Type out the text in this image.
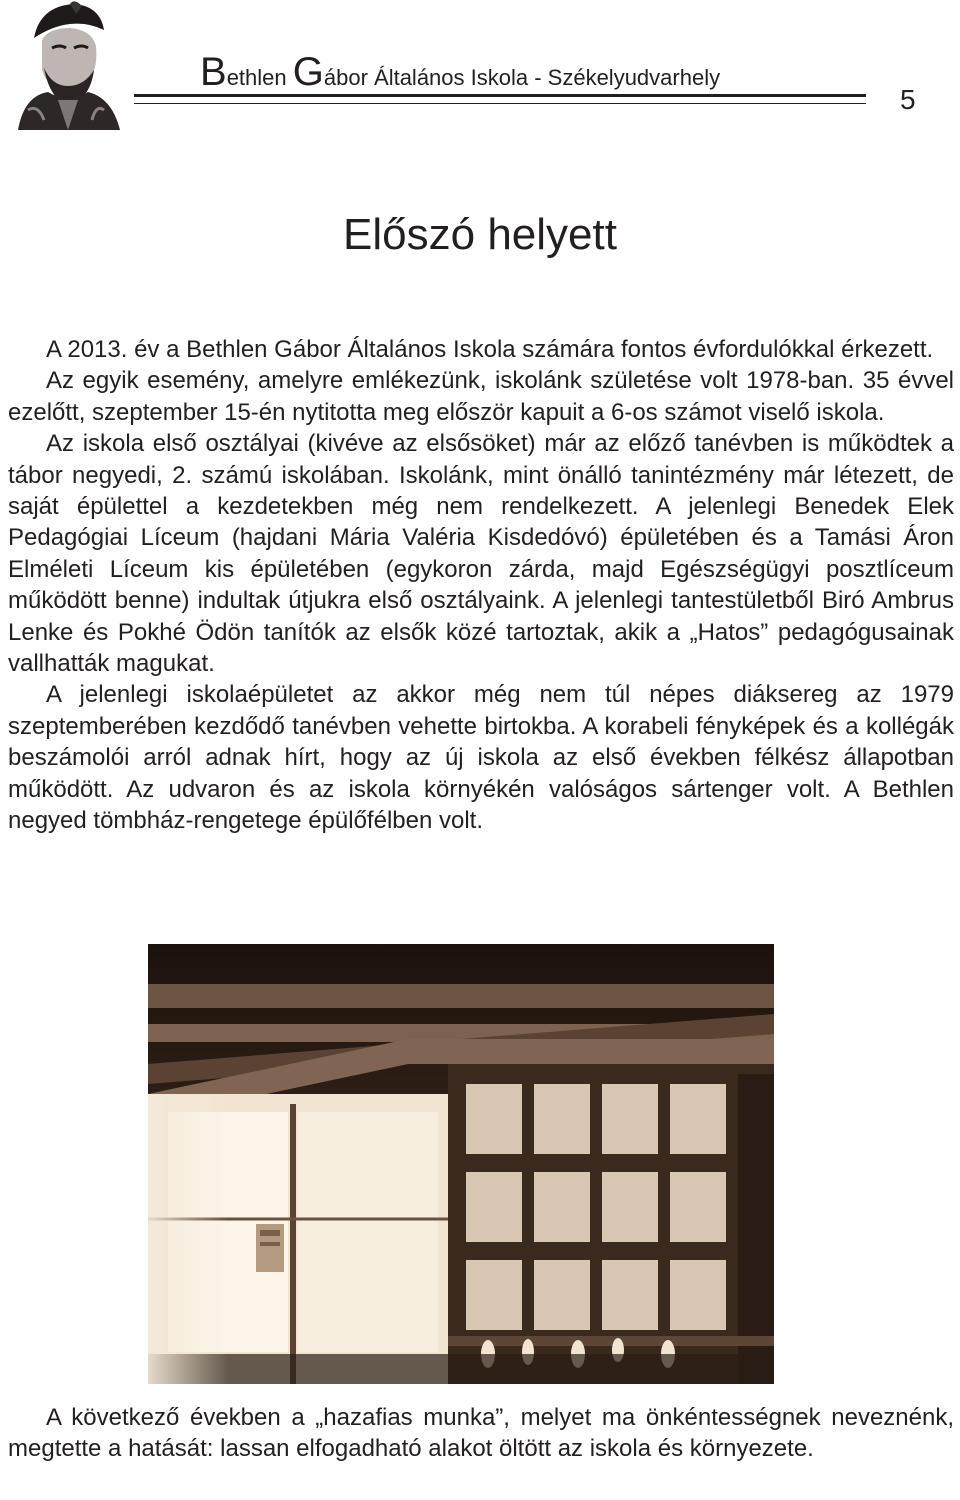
Bethlen Gábor Általános Iskola - Székelyudvarhely
5
Előszó helyett

A 2013. év a Bethlen Gábor Általános Iskola számára fontos évfordulókkal érkezett.

Az egyik esemény, amelyre emlékezünk, iskolánk születése volt 1978-ban. 35 évvel ezelőtt, szeptember 15-én nytitotta meg először kapuit a 6-os számot viselő iskola.

Az iskola első osztályai (kivéve az elsősöket) már az előző tanévben is működtek a tábor negyedi, 2. számú iskolában. Iskolánk, mint önálló tanintézmény már létezett, de saját épülettel a kezdetekben még nem rendelkezett. A jelenlegi Benedek Elek Pedagógiai Líceum (hajdani Mária Valéria Kisdedóvó) épületében és a Tamási Áron Elméleti Líceum kis épületében (egykoron zárda, majd Egészségügyi posztlíceum működött benne) indultak útjukra első osztályaink. A jelenlegi tantestületből Biró Ambrus Lenke és Pokhé Ödön tanítók az elsők közé tartoztak, akik a „Hatos” pedagógusainak vallhatták magukat.

A jelenlegi iskolaépületet az akkor még nem túl népes diáksereg az 1979 szeptemberében kezdődő tanévben vehette birtokba. A korabeli fényképek és a kollégák beszámolói arról adnak hírt, hogy az új iskola az első években félkész állapotban működött. Az udvaron és az iskola környékén valóságos sártenger volt. A Bethlen negyed tömbház-rengetege épülőfélben volt.

A következő években a „hazafias munka”, melyet ma önkéntességnek neveznénk, megtette a hatását: lassan elfogadható alakot öltött az iskola és környezete.
